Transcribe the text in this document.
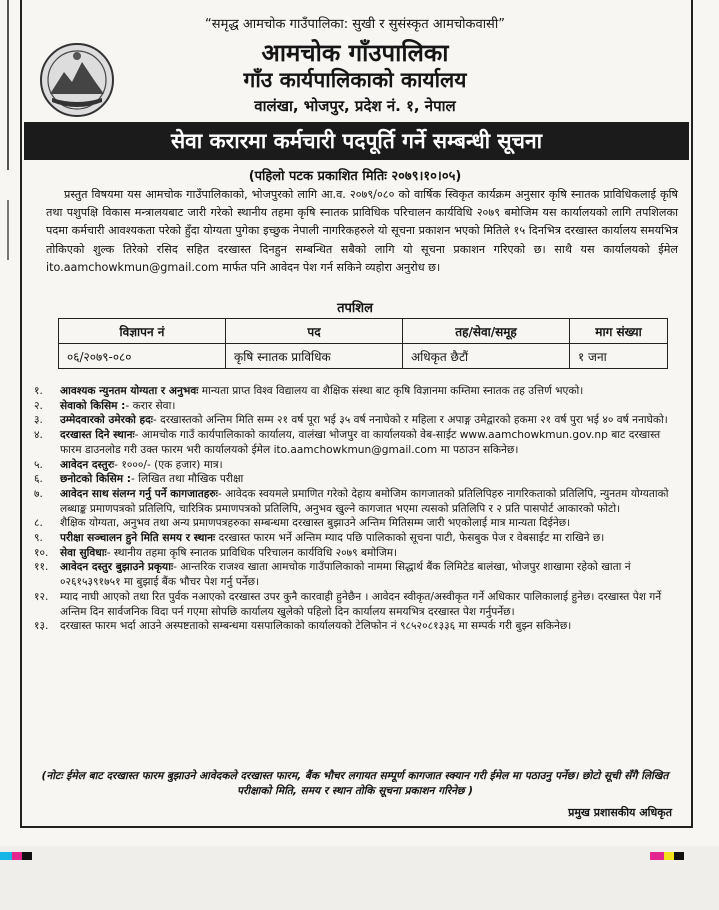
“समृद्ध आमचोक गाउँपालिका: सुखी र सुसंस्कृत आमचोकवासी”
आमचोक गाँउपालिका
गाँउ कार्यपालिकाको कार्यालय
वालंखा, भोजपुर, प्रदेश नं. १, नेपाल
सेवा करारमा कर्मचारी पदपूर्ति गर्ने सम्बन्धी सूचना
(पहिलो पटक प्रकाशित मितिः २०७९।१०।०५)
प्रस्तुत विषयमा यस आमचोक गाउँपालिकाको, भोजपुरको लागि आ.व. २०७९/०८० को वार्षिक स्विकृत कार्यक्रम अनुसार कृषि स्नातक प्राविधिकलाई कृषि तथा पशुपक्षि विकास मन्त्रालयबाट जारी गरेको स्थानीय तहमा कृषि स्नातक प्राविधिक परिचालन कार्यविधि २०७९ बमोजिम यस कार्यालयको लागि तपशिलका पदमा कर्मचारी आवश्यकता परेको हुँदा योग्यता पुगेका इच्छुक नेपाली नागरिकहरुले यो सूचना प्रकाशन भएको मितिले १५ दिनभित्र दरखास्त कार्यालय समयभित्र तोकिएको शुल्क तिरेको रसिद सहित दरखास्त दिनहुन सम्बन्धित सबैको लागि यो सूचना प्रकाशन गरिएको छ। साथै यस कार्यालयको ईमेल ito.aamchowkmun@gmail.com मार्फत पनि आवेदन पेश गर्न सकिने व्यहोरा अनुरोध छ।
तपशिल
विज्ञापन नं	पद	तह/सेवा/समूह	माग संख्या
०६/२०७९-०८०	कृषि स्नातक प्राविधिक	अधिकृत छैटौं	१ जना
१.	आवश्यक न्युनतम योग्यता र अनुभवः मान्यता प्राप्त विश्व विद्यालय वा शैक्षिक संस्था बाट कृषि विज्ञानमा कम्तिमा स्नातक तह उत्तिर्ण भएको।
२.	सेवाको किसिम :- करार सेवा।
३.	उम्मेदवारको उमेरको हदः- दरखास्तको अन्तिम मिति सम्म २१ वर्ष पूरा भई ३५ वर्ष ननाघेको र महिला र अपाङ्ग उमेद्वारको हकमा २१ वर्ष पुरा भई ४० वर्ष ननाघेको।
४.	दरखास्त दिने स्थानः- आमचोक गाउँ कार्यपालिकाको कार्यालय, वालंखा भोजपुर वा कार्यालयको वेब-साईट www.aamchowkmun.gov.np बाट दरखास्त फारम डाउनलोड गरी उक्त फारम भरी कार्यालयको ईमेल ito.aamchowkmun@gmail.com मा पठाउन सकिनेछ।
५.	आवेदन दस्तुरः- १०००/- (एक हजार) मात्र।
६.	छनोटको किसिम :- लिखित तथा मौखिक परीक्षा
७.	आवेदन साथ संलग्न गर्नु पर्ने कागजातहरुः- आवेदक स्वयमले प्रमाणित गरेको देहाय बमोजिम कागजातको प्रतिलिपिहरु नागरिकताको प्रतिलिपि, न्युनतम योग्यताको लब्धाङ्क प्रमाणपत्रको प्रतिलिपि, चारित्रिक प्रमाणपत्रको प्रतिलिपि, अनुभव खुल्ने कागजात भएमा त्यसको प्रतिलिपि र २ प्रति पासपोर्ट आकारको फोटो।
८.	शैक्षिक योग्यता, अनुभव तथा अन्य प्रमाणपत्रहरुका सम्बन्धमा दरखास्त बुझाउने अन्तिम मितिसम्म जारी भएकोलाई मात्र मान्यता दिईनेछ।
९.	परीक्षा सञ्चालन हुने मिति समय र स्थानः दरखास्त फारम भर्ने अन्तिम म्याद पछि पालिकाको सूचना पाटी, फेसबुक पेज र वेबसाईट मा राखिने छ।
१०.	सेवा सुविधाः- स्थानीय तहमा कृषि स्नातक प्राविधिक परिचालन कार्यविधि २०७९ बमोजिम।
११.	आवेदन दस्तुर बुझाउने प्रकृयाः- आन्तरिक राजश्व खाता आमचोक गाउँपालिकाको नाममा सिद्धार्थ बैंक लिमिटेड बालंखा, भोजपुर शाखामा रहेको खाता नं ०२६१५३९१७५१ मा बुझाई बैंक भौचर पेश गर्नु पर्नेछ।
१२.	म्याद नाघी आएको तथा रित पुर्वक नआएको दरखास्त उपर कुनै कारवाही हुनेछैन । आवेदन स्वीकृत/अस्वीकृत गर्ने अधिकार पालिकालाई हुनेछ। दरखास्त पेश गर्ने अन्तिम दिन सार्वजनिक विदा पर्न गएमा सोपछि कार्यालय खुलेको पहिलो दिन कार्यालय समयभित्र दरखास्त पेश गर्नुपर्नेछ।
१३.	दरखास्त फारम भर्दा आउने अस्पष्टताको सम्बन्धमा यसपालिकाको कार्यालयको टेलिफोन नं ९८५२०८१३३६ मा सम्पर्क गरी बुझ्न सकिनेछ।
(नोटः ईमेल बाट दरखास्त फारम बुझाउने आवेदकले दरखास्त फारम, बैंक भौचर लगायत सम्पूर्ण कागजात स्क्यान गरी ईमेल मा पठाउनु पर्नेछ। छोटो सूची सँगै लिखित परीक्षाको मिति, समय र स्थान तोकि सूचना प्रकाशन गरिनेछ )
प्रमुख प्रशासकीय अधिकृत
